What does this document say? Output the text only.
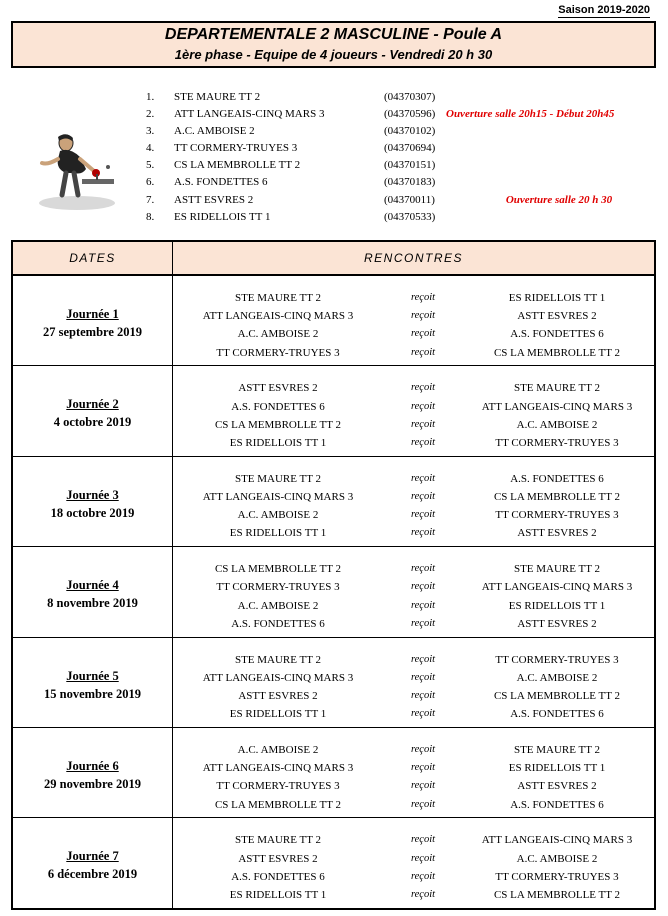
Saison 2019-2020
DEPARTEMENTALE 2 MASCULINE - Poule A
1ère phase - Equipe de 4 joueurs - Vendredi 20 h 30
1.	STE MAURE TT 2	(04370307)
2.	ATT LANGEAIS-CINQ MARS 3	(04370596) Ouverture salle 20h15 - Début 20h45
3.	A.C. AMBOISE 2	(04370102)
4.	TT CORMERY-TRUYES 3	(04370694)
5.	CS LA MEMBROLLE TT 2	(04370151)
6.	A.S. FONDETTES 6	(04370183)
7.	ASTT ESVRES 2	(04370011)	Ouverture salle 20 h 30
8.	ES RIDELLOIS TT 1	(04370533)
DATES	RENCONTRES
Journée 1
27 septembre 2019
STE MAURE TT 2	reçoit	ES RIDELLOIS TT 1
ATT LANGEAIS-CINQ MARS 3	reçoit	ASTT ESVRES 2
A.C. AMBOISE 2	reçoit	A.S. FONDETTES 6
TT CORMERY-TRUYES 3	reçoit	CS LA MEMBROLLE TT 2
Journée 2
4 octobre 2019
ASTT ESVRES 2	reçoit	STE MAURE TT 2
A.S. FONDETTES 6	reçoit	ATT LANGEAIS-CINQ MARS 3
CS LA MEMBROLLE TT 2	reçoit	A.C. AMBOISE 2
ES RIDELLOIS TT 1	reçoit	TT CORMERY-TRUYES 3
Journée 3
18 octobre 2019
STE MAURE TT 2	reçoit	A.S. FONDETTES 6
ATT LANGEAIS-CINQ MARS 3	reçoit	CS LA MEMBROLLE TT 2
A.C. AMBOISE 2	reçoit	TT CORMERY-TRUYES 3
ES RIDELLOIS TT 1	reçoit	ASTT ESVRES 2
Journée 4
8 novembre 2019
CS LA MEMBROLLE TT 2	reçoit	STE MAURE TT 2
TT CORMERY-TRUYES 3	reçoit	ATT LANGEAIS-CINQ MARS 3
A.C. AMBOISE 2	reçoit	ES RIDELLOIS TT 1
A.S. FONDETTES 6	reçoit	ASTT ESVRES 2
Journée 5
15 novembre 2019
STE MAURE TT 2	reçoit	TT CORMERY-TRUYES 3
ATT LANGEAIS-CINQ MARS 3	reçoit	A.C. AMBOISE 2
ASTT ESVRES 2	reçoit	CS LA MEMBROLLE TT 2
ES RIDELLOIS TT 1	reçoit	A.S. FONDETTES 6
Journée 6
29 novembre 2019
A.C. AMBOISE 2	reçoit	STE MAURE TT 2
ATT LANGEAIS-CINQ MARS 3	reçoit	ES RIDELLOIS TT 1
TT CORMERY-TRUYES 3	reçoit	ASTT ESVRES 2
CS LA MEMBROLLE TT 2	reçoit	A.S. FONDETTES 6
Journée 7
6 décembre 2019
STE MAURE TT 2	reçoit	ATT LANGEAIS-CINQ MARS 3
ASTT ESVRES 2	reçoit	A.C. AMBOISE 2
A.S. FONDETTES 6	reçoit	TT CORMERY-TRUYES 3
ES RIDELLOIS TT 1	reçoit	CS LA MEMBROLLE TT 2
